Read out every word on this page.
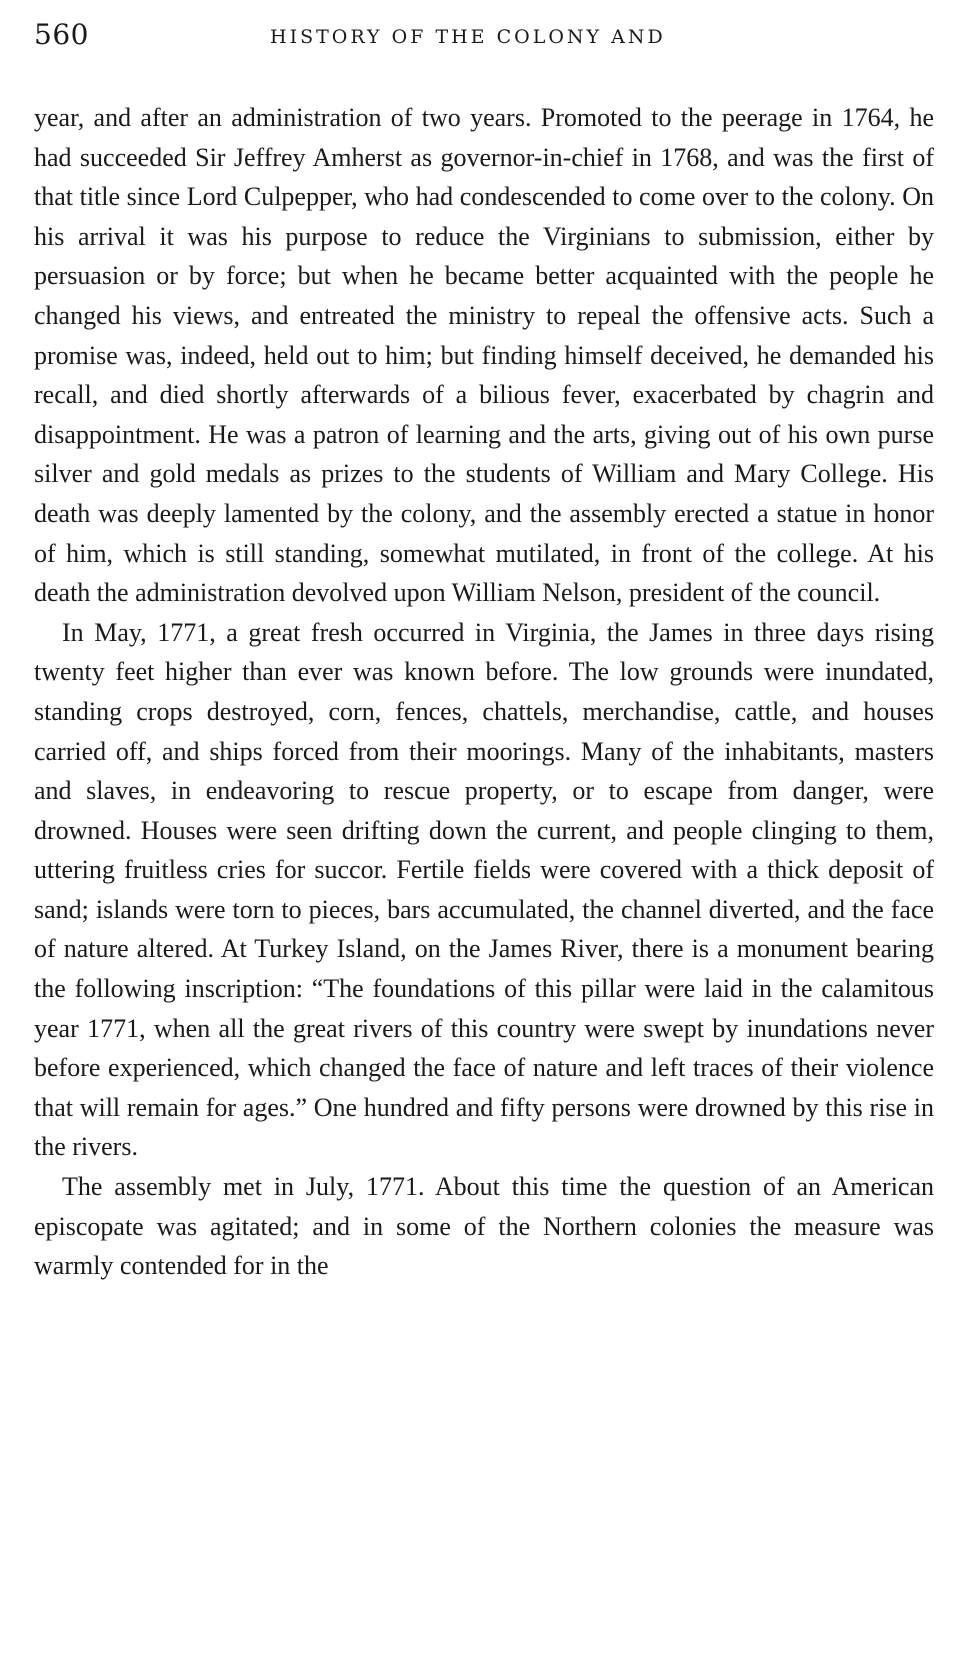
560	HISTORY OF THE COLONY AND

year, and after an administration of two years. Promoted to the peerage in 1764, he had succeeded Sir Jeffrey Amherst as governor-in-chief in 1768, and was the first of that title since Lord Culpepper, who had condescended to come over to the colony. On his arrival it was his purpose to reduce the Virginians to submission, either by persuasion or by force; but when he became better acquainted with the people he changed his views, and entreated the ministry to repeal the offensive acts. Such a promise was, indeed, held out to him; but finding himself deceived, he demanded his recall, and died shortly afterwards of a bilious fever, exacerbated by chagrin and disappointment. He was a patron of learning and the arts, giving out of his own purse silver and gold medals as prizes to the students of William and Mary College. His death was deeply lamented by the colony, and the assembly erected a statue in honor of him, which is still standing, somewhat mutilated, in front of the college. At his death the administration devolved upon William Nelson, president of the council.

In May, 1771, a great fresh occurred in Virginia, the James in three days rising twenty feet higher than ever was known before. The low grounds were inundated, standing crops destroyed, corn, fences, chattels, merchandise, cattle, and houses carried off, and ships forced from their moorings. Many of the inhabitants, masters and slaves, in endeavoring to rescue property, or to escape from danger, were drowned. Houses were seen drifting down the current, and people clinging to them, uttering fruitless cries for succor. Fertile fields were covered with a thick deposit of sand; islands were torn to pieces, bars accumulated, the channel diverted, and the face of nature altered. At Turkey Island, on the James River, there is a monument bearing the following inscription: “The foundations of this pillar were laid in the calamitous year 1771, when all the great rivers of this country were swept by inundations never before experienced, which changed the face of nature and left traces of their violence that will remain for ages.” One hundred and fifty persons were drowned by this rise in the rivers.

The assembly met in July, 1771. About this time the question of an American episcopate was agitated; and in some of the Northern colonies the measure was warmly contended for in the
